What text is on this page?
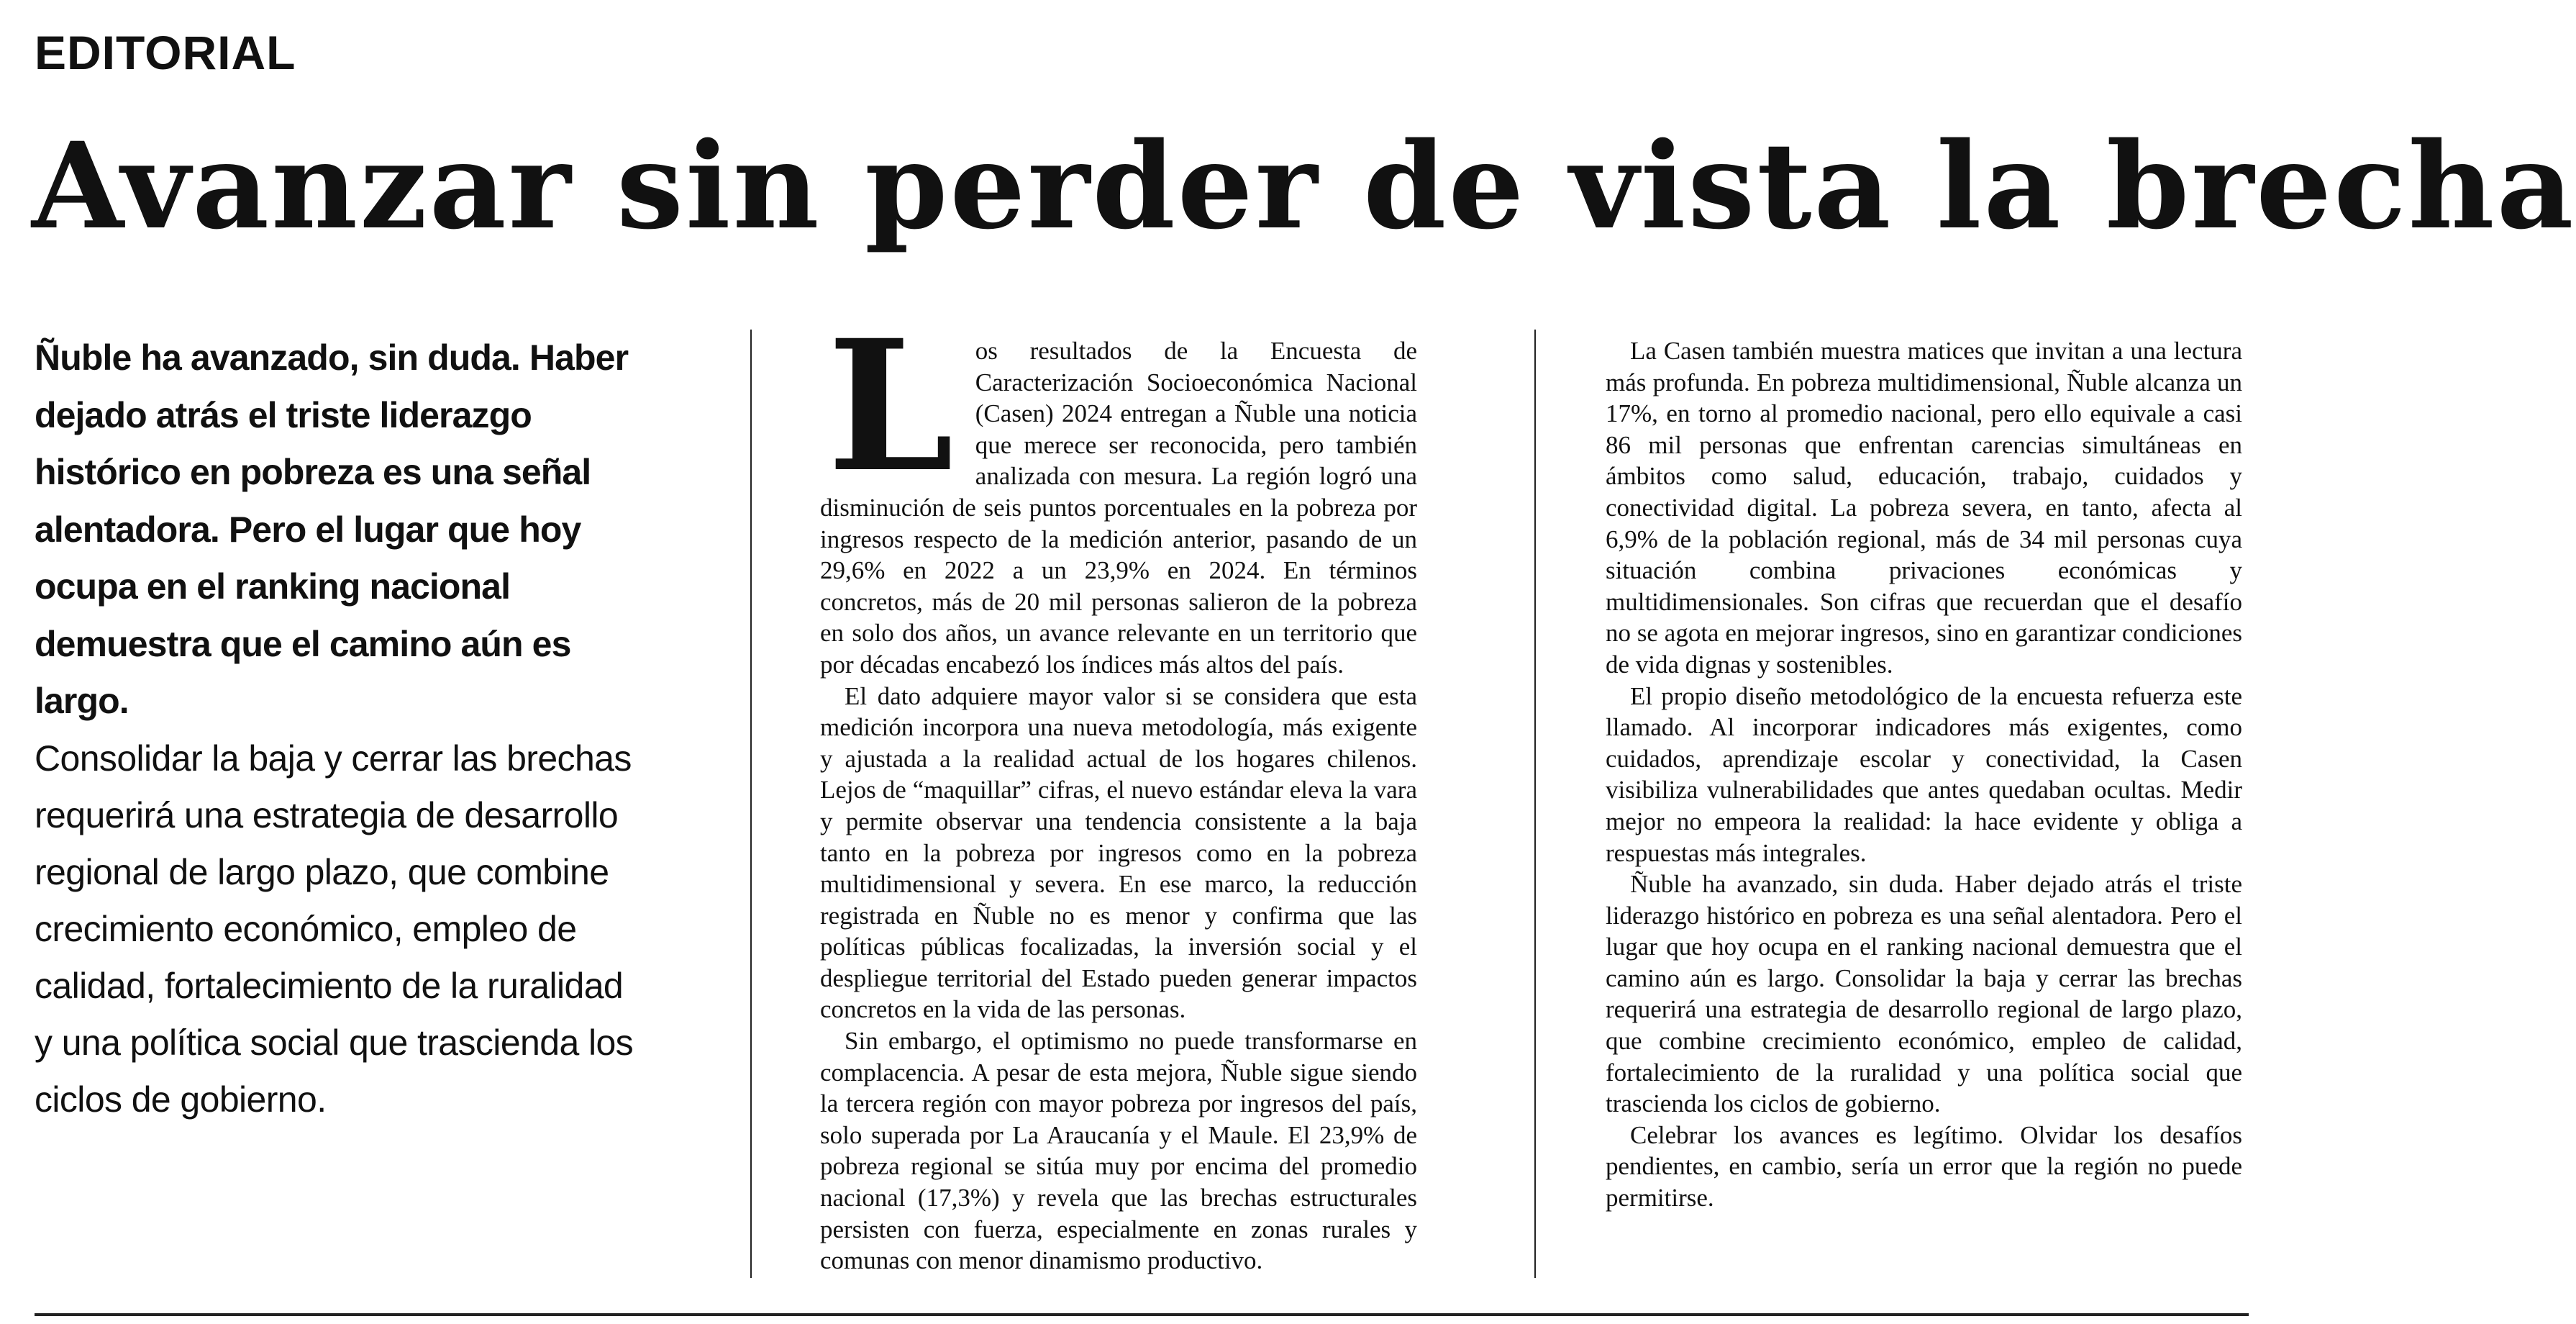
EDITORIAL
Avanzar sin perder de vista la brecha

Ñuble ha avanzado, sin duda. Haber dejado atrás el triste liderazgo histórico en pobreza es una señal alentadora. Pero el lugar que hoy ocupa en el ranking nacional demuestra que el camino aún es largo.

Consolidar la baja y cerrar las brechas requerirá una estrategia de desarrollo regional de largo plazo, que combine crecimiento económico, empleo de calidad, fortalecimiento de la ruralidad y una política social que trascienda los ciclos de gobierno.

L os resultados de la Encuesta de Caracterización Socioeconómica Nacional (Casen) 2024 entregan a Ñuble una noticia que merece ser reconocida, pero también analizada con mesura. La región logró una disminución de seis puntos porcentuales en la pobreza por ingresos respecto de la medición anterior, pasando de un 29,6% en 2022 a un 23,9% en 2024. En términos concretos, más de 20 mil personas salieron de la pobreza en solo dos años, un avance relevante en un territorio que por décadas encabezó los índices más altos del país.

El dato adquiere mayor valor si se considera que esta medición incorpora una nueva metodología, más exigente y ajustada a la realidad actual de los hogares chilenos. Lejos de “maquillar” cifras, el nuevo estándar eleva la vara y permite observar una tendencia consistente a la baja tanto en la pobreza por ingresos como en la pobreza multidimensional y severa. En ese marco, la reducción registrada en Ñuble no es menor y confirma que las políticas públicas focalizadas, la inversión social y el despliegue territorial del Estado pueden generar impactos concretos en la vida de las personas.

Sin embargo, el optimismo no puede transformarse en complacencia. A pesar de esta mejora, Ñuble sigue siendo la tercera región con mayor pobreza por ingresos del país, solo superada por La Araucanía y el Maule. El 23,9% de pobreza regional se sitúa muy por encima del promedio nacional (17,3%) y revela que las brechas estructurales persisten con fuerza, especialmente en zonas rurales y comunas con menor dinamismo productivo.

La Casen también muestra matices que invitan a una lectura más profunda. En pobreza multidimensional, Ñuble alcanza un 17%, en torno al promedio nacional, pero ello equivale a casi 86 mil personas que enfrentan carencias simultáneas en ámbitos como salud, educación, trabajo, cuidados y conectividad digital. La pobreza severa, en tanto, afecta al 6,9% de la población regional, más de 34 mil personas cuya situación combina privaciones económicas y multidimensionales. Son cifras que recuerdan que el desafío no se agota en mejorar ingresos, sino en garantizar condiciones de vida dignas y sostenibles.

El propio diseño metodológico de la encuesta refuerza este llamado. Al incorporar indicadores más exigentes, como cuidados, aprendizaje escolar y conectividad, la Casen visibiliza vulnerabilidades que antes quedaban ocultas. Medir mejor no empeora la realidad: la hace evidente y obliga a respuestas más integrales.

Ñuble ha avanzado, sin duda. Haber dejado atrás el triste liderazgo histórico en pobreza es una señal alentadora. Pero el lugar que hoy ocupa en el ranking nacional demuestra que el camino aún es largo. Consolidar la baja y cerrar las brechas requerirá una estrategia de desarrollo regional de largo plazo, que combine crecimiento económico, empleo de calidad, fortalecimiento de la ruralidad y una política social que trascienda los ciclos de gobierno.

Celebrar los avances es legítimo. Olvidar los desafíos pendientes, en cambio, sería un error que la región no puede permitirse.
